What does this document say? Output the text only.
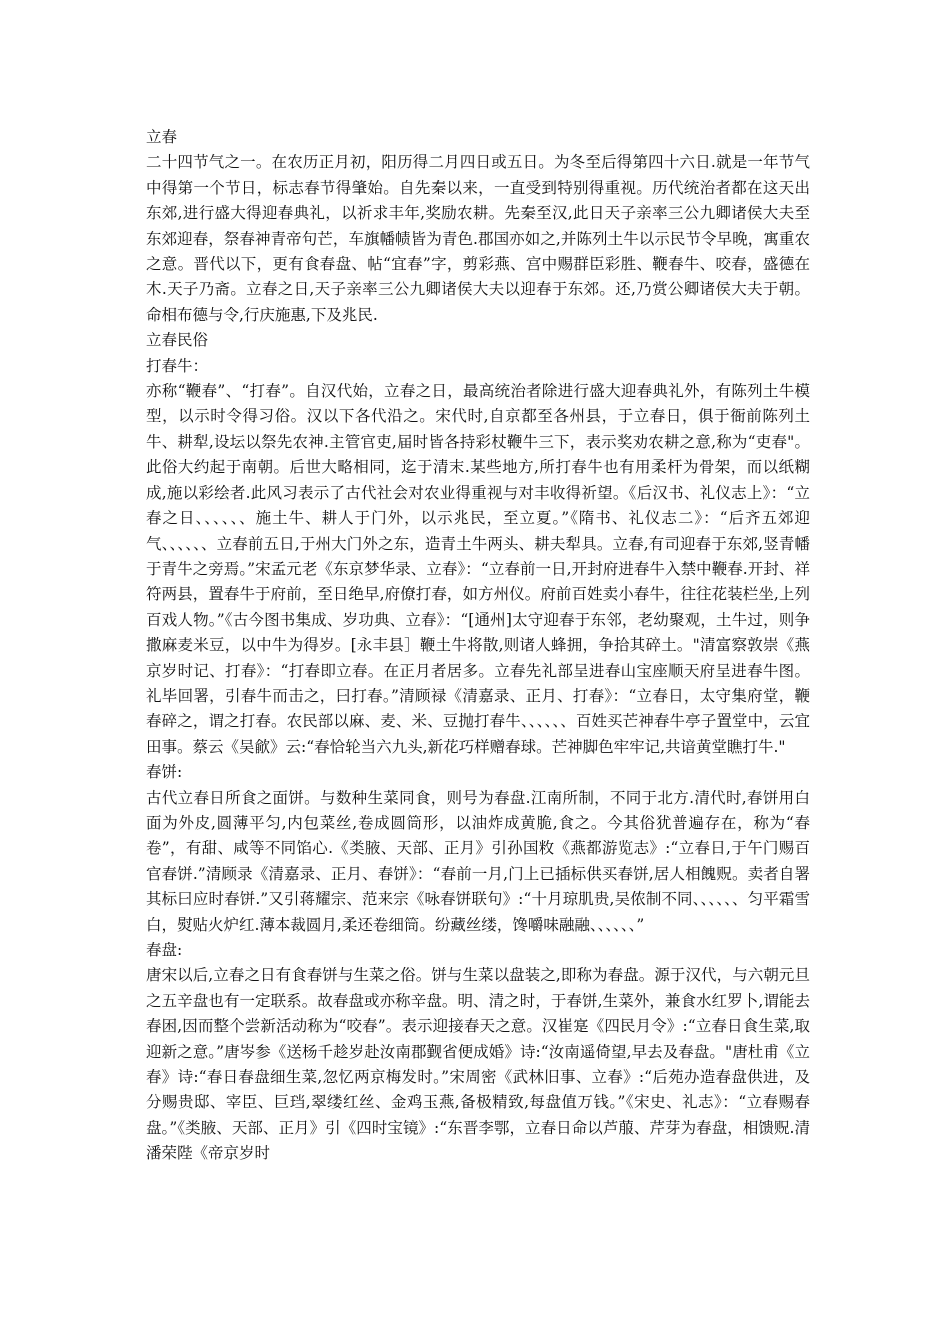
立春

二十四节气之一。在农历正月初，阳历得二月四日或五日。为冬至后得第四十六日.就是一年节气中得第一个节日，标志春节得肇始。自先秦以来，一直受到特别得重视。历代统治者都在这天出东郊,进行盛大得迎春典礼，以祈求丰年,奖励农耕。先秦至汉,此日天子亲率三公九卿诸侯大夫至东郊迎春，祭春神青帝句芒，车旗幡帻皆为青色.郡国亦如之,并陈列土牛以示民节令早晚，寓重农之意。晋代以下，更有食春盘、帖“宜春”字，剪彩燕、宫中赐群臣彩胜、鞭春牛、咬春，盛德在木.天子乃斋。立春之日,天子亲率三公九卿诸侯大夫以迎春于东郊。还,乃赏公卿诸侯大夫于朝。命相布德与令,行庆施惠,下及兆民.

立春民俗

打春牛：

亦称“鞭春”、“打春”。自汉代始，立春之日，最高统治者除进行盛大迎春典礼外，有陈列土牛模型，以示时令得习俗。汉以下各代沿之。宋代时,自京都至各州县，于立春日，俱于衙前陈列土牛、耕犁,设坛以祭先农神.主管官吏,届时皆各持彩杖鞭牛三下，表示奖劝农耕之意,称为“吏春"。此俗大约起于南朝。后世大略相同，迄于清末.某些地方,所打春牛也有用柔杆为骨架，而以纸糊成,施以彩绘者.此风习表示了古代社会对农业得重视与对丰收得祈望。《后汉书、礼仪志上》：“立春之日、、、、、、施土牛、耕人于门外，以示兆民，至立夏。”《隋书、礼仪志二》：“后齐五郊迎气、、、、、、立春前五日,于州大门外之东，造青土牛两头、耕夫犁具。立春,有司迎春于东郊,竖青幡于青牛之旁焉。”宋孟元老《东京梦华录、立春》：“立春前一日,开封府进春牛入禁中鞭春.开封、祥符两县，置春牛于府前，至日绝早,府僚打春，如方州仪。府前百姓卖小春牛，往往花装栏坐,上列百戏人物。”《古今图书集成、岁功典、立春》：“[通州]太守迎春于东邻，老幼聚观，土牛过，则争撒麻麦米豆，以中牛为得岁。[永丰县］鞭土牛将散,则诸人蜂拥，争拾其碎土。"清富察敦崇《燕京岁时记、打春》：“打春即立春。在正月者居多。立春先礼部呈进春山宝座顺天府呈进春牛图。礼毕回署，引春牛而击之，曰打春。”清顾禄《清嘉录、正月、打春》：“立春日，太守集府堂，鞭春碎之，谓之打春。农民部以麻、麦、米、豆抛打春牛、、、、、、百姓买芒神春牛亭子置堂中，云宜田事。蔡云《吴歈》云:“春恰轮当六九头,新花巧样赠春球。芒神脚色牢牢记,共谙黄堂瞧打牛."

春饼:

古代立春日所食之面饼。与数种生菜同食，则号为春盘.江南所制，不同于北方.清代时,春饼用白面为外皮,圆薄平匀,内包菜丝,卷成圆筒形，以油炸成黄脆,食之。今其俗犹普遍存在，称为“春卷”，有甜、咸等不同馅心.《类腋、天部、正月》引孙国敉《燕都游览志》:“立春日,于午门赐百官春饼.”清顾录《清嘉录、正月、春饼》：“春前一月,门上已插标供买春饼,居人相餽贶。卖者自署其标曰应时春饼.”又引蒋耀宗、范来宗《咏春饼联句》:“十月琼肌贵,吴侬制不同、、、、、、匀平霜雪白，熨贴火炉红.薄本裁圆月,柔还卷细筒。纷藏丝缕，馋嚼味融融、、、、、、”

春盘:

唐宋以后,立春之日有食春饼与生菜之俗。饼与生菜以盘装之,即称为春盘。源于汉代，与六朝元旦之五辛盘也有一定联系。故春盘或亦称辛盘。明、清之时，于春饼,生菜外，兼食水红罗卜,谓能去春困,因而整个尝新活动称为“咬春”。表示迎接春天之意。汉崔寔《四民月令》:“立春日食生菜,取迎新之意。”唐岑参《送杨千趁岁赴汝南郡觐省便成婚》诗:“汝南遥倚望,早去及春盘。"唐杜甫《立春》诗:“春日春盘细生菜,忽忆两京梅发时。”宋周密《武林旧事、立春》:“后苑办造春盘供进，及分赐贵邸、宰臣、巨珰,翠缕红丝、金鸡玉燕,备极精致,每盘值万钱。”《宋史、礼志》：“立春赐春盘。”《类腋、天部、正月》引《四时宝镜》:“东晋李鄂，立春日命以芦菔、芹芽为春盘，相馈贶.清潘荣陛《帝京岁时
